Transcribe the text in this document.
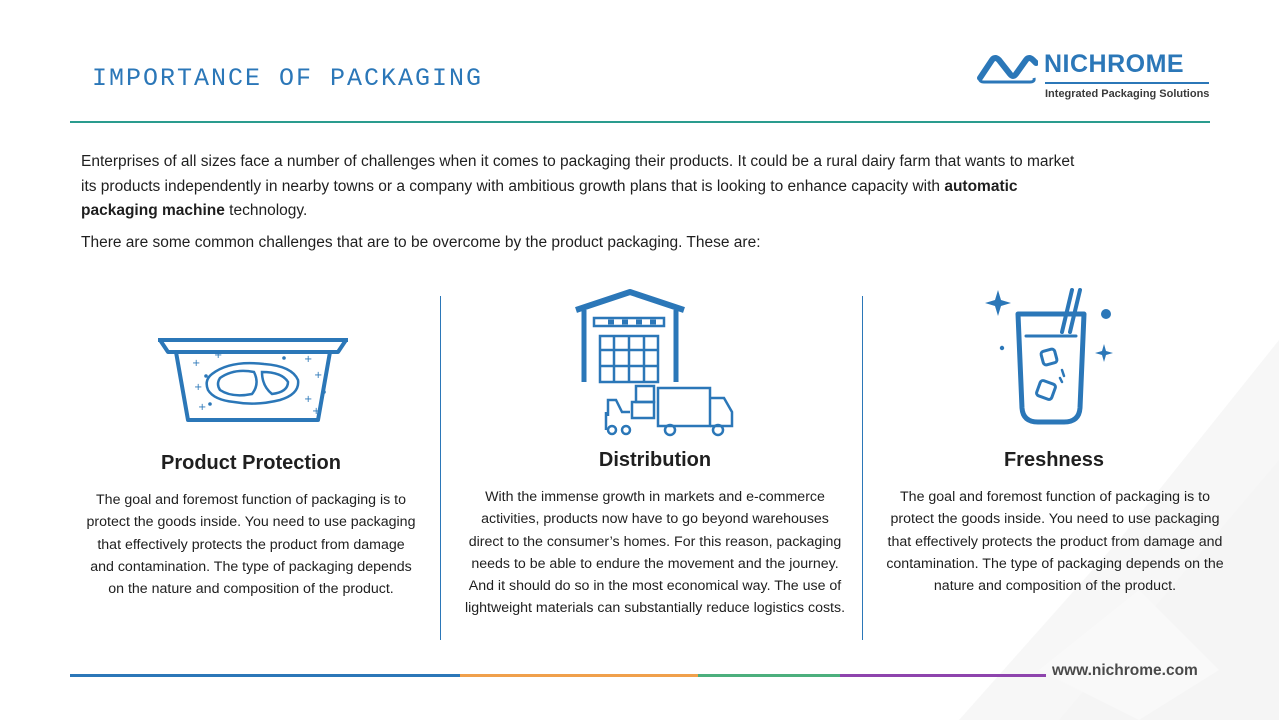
IMPORTANCE OF PACKAGING	NICHROME
Integrated Packaging Solutions

Enterprises of all sizes face a number of challenges when it comes to packaging their products. It could be a rural dairy farm that wants to market its products independently in nearby towns or a company with ambitious growth plans that is looking to enhance capacity with automatic packaging machine technology.

There are some common challenges that are to be overcome by the product packaging. These are:

+
+	+
+
+
+
+	+
Product Protection
The goal and foremost function of packaging is to protect the goods inside. You need to use packaging that effectively protects the product from damage and contamination. The type of packaging depends on the nature and composition of the product.
Distribution
With the immense growth in markets and e-commerce activities, products now have to go beyond warehouses direct to the consumer’s homes. For this reason, packaging needs to be able to endure the movement and the journey. And it should do so in the most economical way. The use of lightweight materials can substantially reduce logistics costs.
Freshness
The goal and foremost function of packaging is to protect the goods inside. You need to use packaging that effectively protects the product from damage and contamination. The type of packaging depends on the nature and composition of the product.
www.nichrome.com
